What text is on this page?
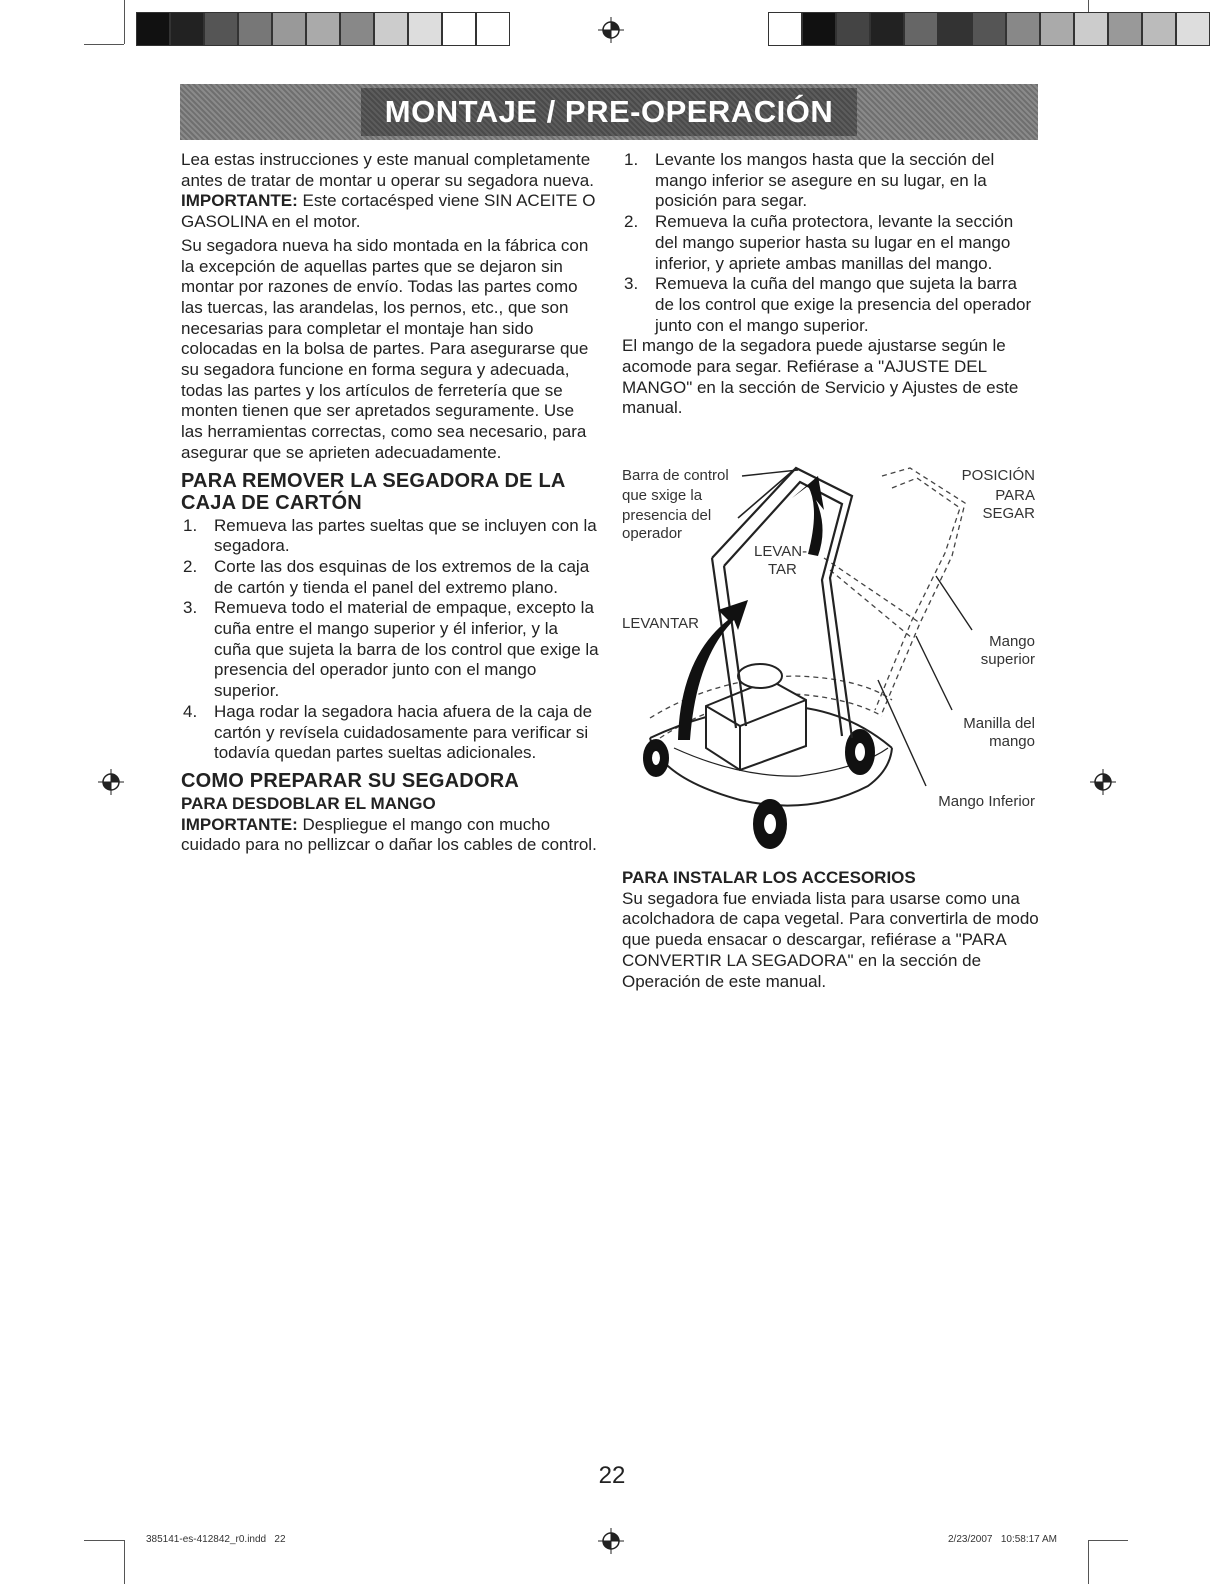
MONTAJE / PRE-OPERACIÓN

Lea estas instrucciones y este manual completamente antes de tratar de montar u operar su segadora nueva.

IMPORTANTE: Este cortacésped viene SIN ACEITE O GASOLINA en el motor.

Su segadora nueva ha sido montada en la fábrica con la excepción de aquellas partes que se dejaron sin montar por razones de envío. Todas las partes como las tuercas, las arandelas, los pernos, etc., que son necesarias para completar el montaje han sido colocadas en la bolsa de partes. Para asegurarse que su segadora funcione en forma segura y adecuada, todas las partes y los artículos de ferretería que se monten tienen que ser apretados seguramente. Use las herramientas correctas, como sea necesario, para asegurar que se aprieten adecuadamente.

PARA REMOVER LA SEGADORA DE LA CAJA DE CARTÓN
1. Remueva las partes sueltas que se incluyen con la segadora.
2. Corte las dos esquinas de los extremos de la caja de cartón y tienda el panel del extremo plano.
3. Remueva todo el material de empaque, excepto la cuña entre el mango superior y él inferior, y la cuña que sujeta la barra de los control que exige la presencia del operador junto con el mango superior.
4. Haga rodar la segadora hacia afuera de la caja de cartón y revísela cuidadosamente para verificar si todavía quedan partes sueltas adicionales.
COMO PREPARAR SU SEGADORA
PARA DESDOBLAR EL MANGO

IMPORTANTE: Despliegue el mango con mucho cuidado para no pellizcar o dañar los cables de control.

1. Levante los mangos hasta que la sección del mango inferior se asegure en su lugar, en la posición para segar.
2. Remueva la cuña protectora, levante la sección del mango superior hasta su lugar en el mango inferior, y apriete ambas manillas del mango.
3. Remueva la cuña del mango que sujeta la barra de los control que exige la presencia del operador junto con el mango superior.

El mango de la segadora puede ajustarse según le acomode para segar. Refiérase a "AJUSTE DEL MANGO" en la sección de Servicio y Ajustes de este manual.

Barra de control
que sxige la
presencia del
operador
LEVAN-
TAR
LEVANTAR
POSICIÓN
PARA
SEGAR
Mango
superior
Manilla del
mango
Mango Inferior
PARA INSTALAR LOS ACCESORIOS

Su segadora fue enviada lista para usarse como una acolchadora de capa vegetal. Para convertirla de modo que pueda ensacar o descargar, refiérase a "PARA CONVERTIR LA SEGADORA" en la sección de Operación de este manual.

22
385141-es-412842_r0.indd   22	2/23/2007   10:58:17 AM
